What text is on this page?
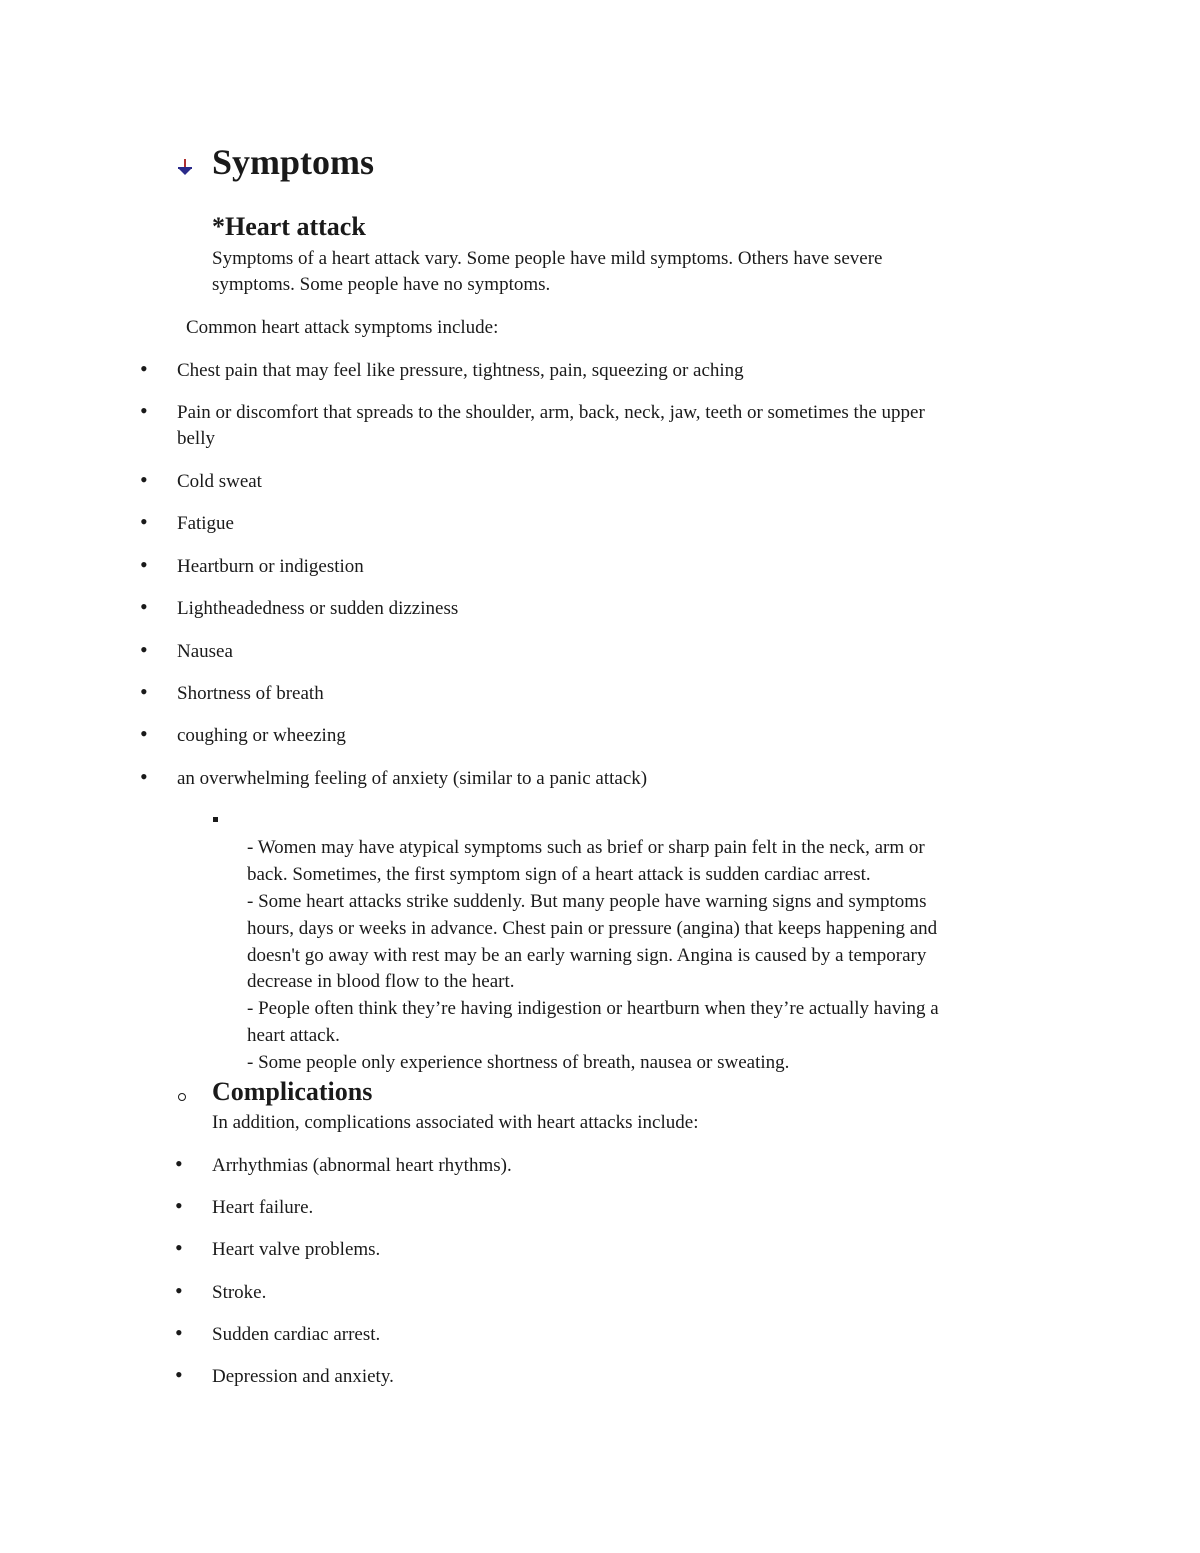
Symptoms
*Heart attack
Symptoms of a heart attack vary. Some people have mild symptoms. Others have severe
symptoms. Some people have no symptoms.
Common heart attack symptoms include:
• Chest pain that may feel like pressure, tightness, pain, squeezing or aching
• Pain or discomfort that spreads to the shoulder, arm, back, neck, jaw, teeth or sometimes the upper
belly
• Cold sweat
• Fatigue
• Heartburn or indigestion
• Lightheadedness or sudden dizziness
• Nausea
• Shortness of breath
• coughing or wheezing
• an overwhelming feeling of anxiety (similar to a panic attack)
- Women may have atypical symptoms such as brief or sharp pain felt in the neck, arm or
back. Sometimes, the first symptom sign of a heart attack is sudden cardiac arrest.
- Some heart attacks strike suddenly. But many people have warning signs and symptoms
hours, days or weeks in advance. Chest pain or pressure (angina) that keeps happening and
doesn't go away with rest may be an early warning sign. Angina is caused by a temporary
decrease in blood flow to the heart.
- People often think they’re having indigestion or heartburn when they’re actually having a
heart attack.
- Some people only experience shortness of breath, nausea or sweating.
Complications
In addition, complications associated with heart attacks include:
• Arrhythmias (abnormal heart rhythms).
• Heart failure.
• Heart valve problems.
• Stroke.
• Sudden cardiac arrest.
• Depression and anxiety.
